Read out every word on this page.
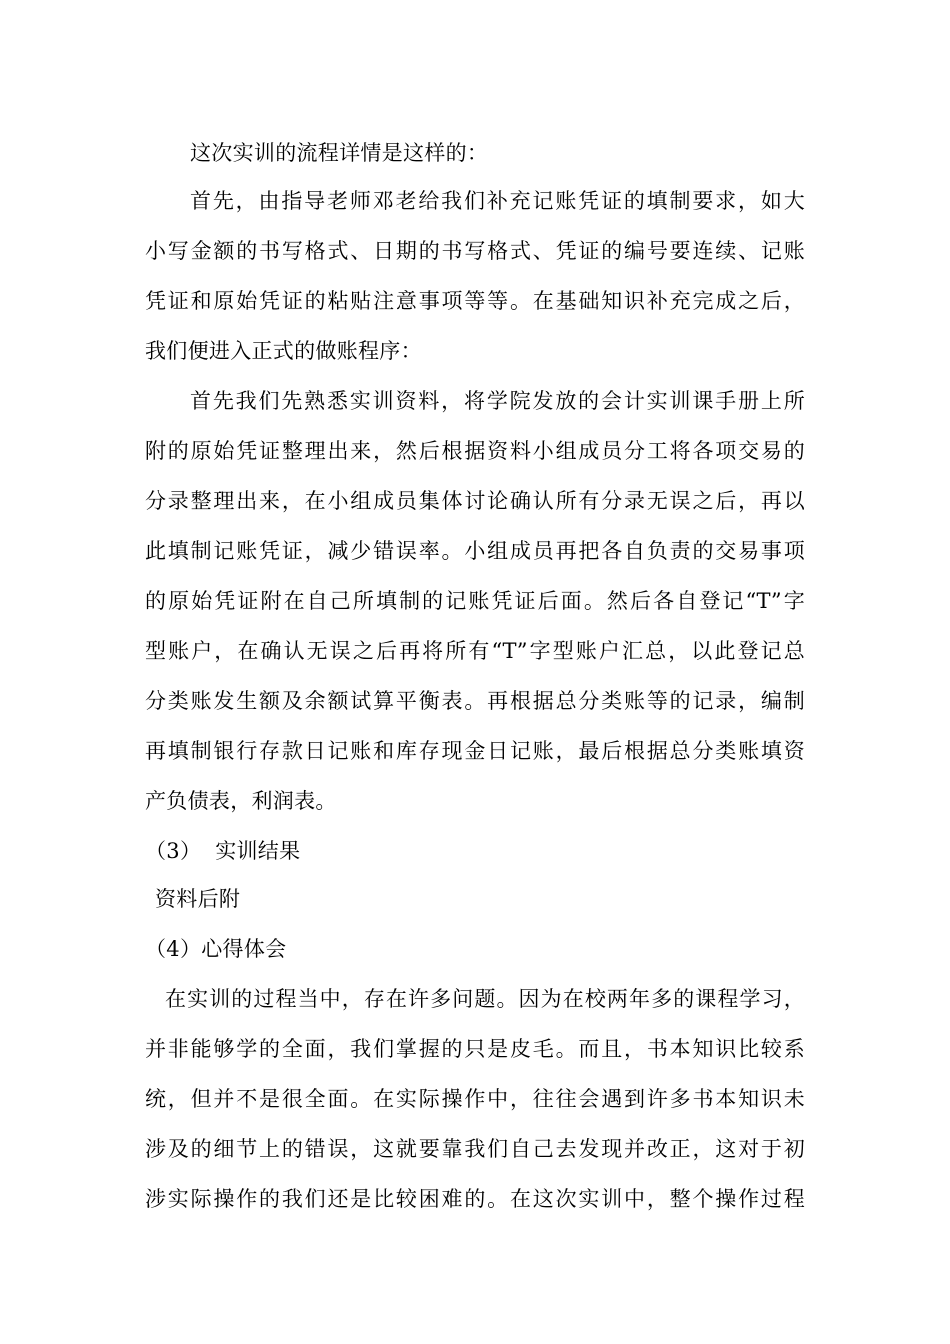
这次实训的流程详情是这样的：
首先，由指导老师邓老给我们补充记账凭证的填制要求，如大
小写金额的书写格式、日期的书写格式、凭证的编号要连续、记账
凭证和原始凭证的粘贴注意事项等等。在基础知识补充完成之后，
我们便进入正式的做账程序：
首先我们先熟悉实训资料，将学院发放的会计实训课手册上所
附的原始凭证整理出来，然后根据资料小组成员分工将各项交易的
分录整理出来，在小组成员集体讨论确认所有分录无误之后，再以
此填制记账凭证，减少错误率。小组成员再把各自负责的交易事项
的原始凭证附在自己所填制的记账凭证后面。然后各自登记“T”字
型账户，在确认无误之后再将所有“T”字型账户汇总，以此登记总
分类账发生额及余额试算平衡表。再根据总分类账等的记录，编制
再填制银行存款日记账和库存现金日记账，最后根据总分类账填资
产负债表，利润表。
（3）  实训结果
资料后附
（4）心得体会
在实训的过程当中，存在许多问题。因为在校两年多的课程学习，
并非能够学的全面，我们掌握的只是皮毛。而且，书本知识比较系
统，但并不是很全面。在实际操作中，往往会遇到许多书本知识未
涉及的细节上的错误，这就要靠我们自己去发现并改正，这对于初
涉实际操作的我们还是比较困难的。在这次实训中，整个操作过程
